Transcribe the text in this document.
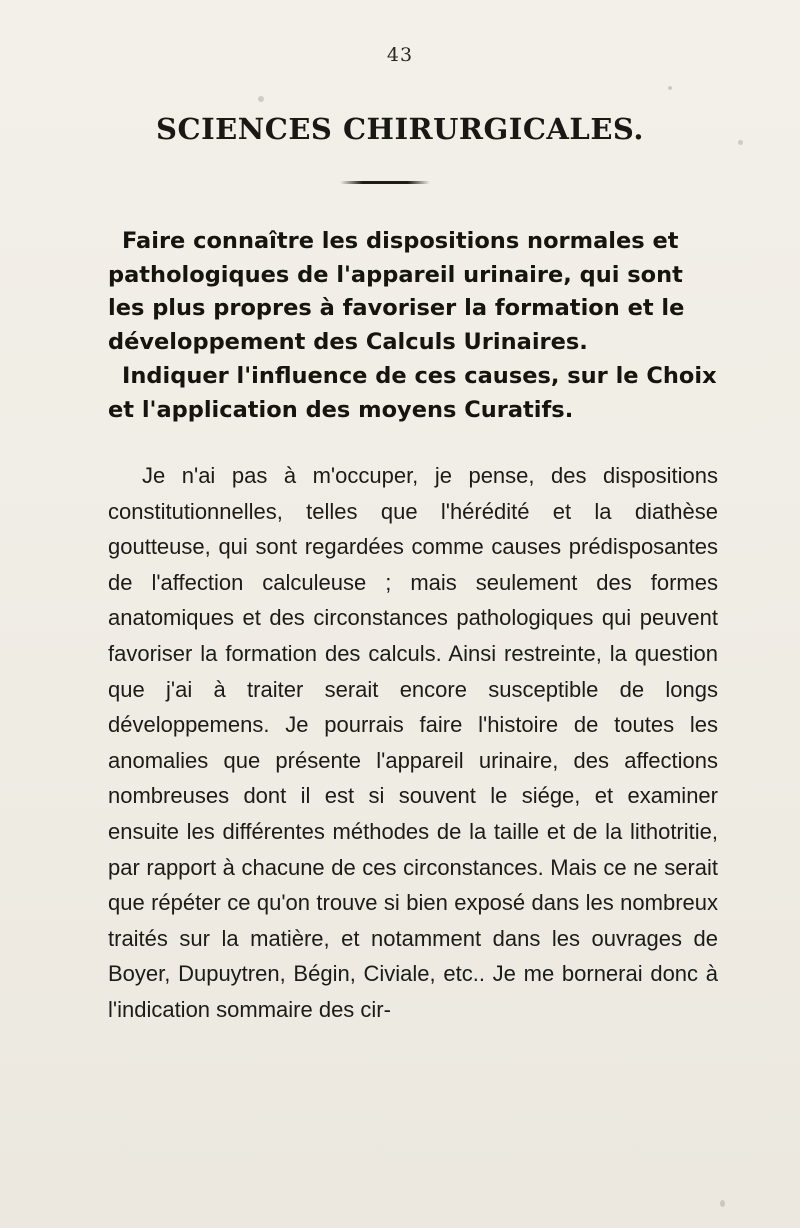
43
SCIENCES CHIRURGICALES.
Faire connaître les dispositions normales et pathologiques de l'appareil urinaire, qui sont les plus propres à favoriser la formation et le développement des Calculs Urinaires.
Indiquer l'influence de ces causes, sur le Choix et l'application des moyens Curatifs.

Je n'ai pas à m'occuper, je pense, des dispositions constitutionnelles, telles que l'hérédité et la diathèse goutteuse, qui sont regardées comme causes prédisposantes de l'affection calculeuse ; mais seulement des formes anatomiques et des circonstances pathologiques qui peuvent favoriser la formation des calculs. Ainsi restreinte, la question que j'ai à traiter serait encore susceptible de longs développemens. Je pourrais faire l'histoire de toutes les anomalies que présente l'appareil urinaire, des affections nombreuses dont il est si souvent le siége, et examiner ensuite les différentes méthodes de la taille et de la lithotritie, par rapport à chacune de ces circonstances. Mais ce ne serait que répéter ce qu'on trouve si bien exposé dans les nombreux traités sur la matière, et notamment dans les ouvrages de Boyer, Dupuytren, Bégin, Civiale, etc.. Je me bornerai donc à l'indication sommaire des cir-
